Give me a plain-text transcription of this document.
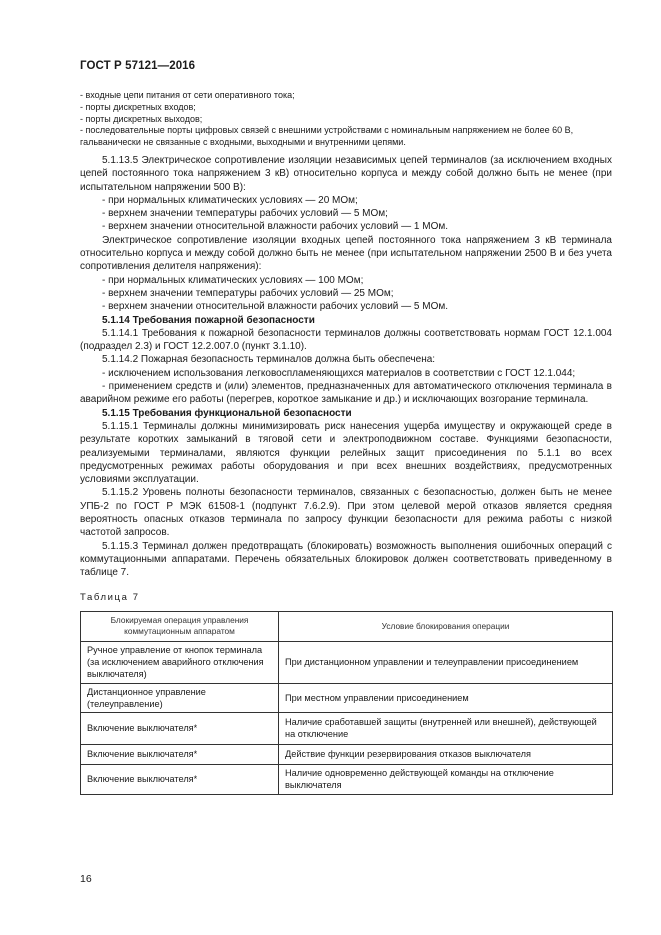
ГОСТ Р 57121—2016

- входные цепи питания от сети оперативного тока;

- порты дискретных входов;

- порты дискретных выходов;

- последовательные порты цифровых связей с внешними устройствами с номинальным напряжением не более 60 В, гальванически не связанные с входными, выходными и внутренними цепями.

5.1.13.5 Электрическое сопротивление изоляции независимых цепей терминалов (за исключением входных цепей постоянного тока напряжением 3 кВ) относительно корпуса и между собой должно быть не менее (при испытательном напряжении 500 В):

- при нормальных климатических условиях — 20 МОм;

- верхнем значении температуры рабочих условий — 5 МОм;

- верхнем значении относительной влажности рабочих условий — 1 МОм.

Электрическое сопротивление изоляции входных цепей постоянного тока напряжением 3 кВ терминала относительно корпуса и между собой должно быть не менее (при испытательном напряжении 2500 В и без учета сопротивления делителя напряжения):

- при нормальных климатических условиях — 100 МОм;

- верхнем значении температуры рабочих условий — 25 МОм;

- верхнем значении относительной влажности рабочих условий — 5 МОм.

5.1.14 Требования пожарной безопасности

5.1.14.1 Требования к пожарной безопасности терминалов должны соответствовать нормам ГОСТ 12.1.004 (подраздел 2.3) и ГОСТ 12.2.007.0 (пункт 3.1.10).

5.1.14.2 Пожарная безопасность терминалов должна быть обеспечена:

- исключением использования легковоспламеняющихся материалов в соответствии с ГОСТ 12.1.044;

- применением средств и (или) элементов, предназначенных для автоматического отключения терминала в аварийном режиме его работы (перегрев, короткое замыкание и др.) и исключающих возгорание терминала.

5.1.15 Требования функциональной безопасности

5.1.15.1 Терминалы должны минимизировать риск нанесения ущерба имуществу и окружающей среде в результате коротких замыканий в тяговой сети и электроподвижном составе. Функциями безопасности, реализуемыми терминалами, являются функции релейных защит присоединения по 5.1.1 во всех предусмотренных режимах работы оборудования и при всех внешних воздействиях, предусмотренных условиями эксплуатации.

5.1.15.2 Уровень полноты безопасности терминалов, связанных с безопасностью, должен быть не менее УПБ-2 по ГОСТ Р МЭК 61508-1 (подпункт 7.6.2.9). При этом целевой мерой отказов является средняя вероятность опасных отказов терминала по запросу функции безопасности для режима работы с низкой частотой запросов.

5.1.15.3 Терминал должен предотвращать (блокировать) возможность выполнения ошибочных операций с коммутационными аппаратами. Перечень обязательных блокировок должен соответствовать приведенному в таблице 7.

Таблица 7

Блокируемая операция управления коммутационным аппаратом	Условие блокирования операции
Ручное управление от кнопок терминала (за исключением аварийного отключения выключателя)	При дистанционном управлении и телеуправлении присоединением
Дистанционное управление (телеуправление)	При местном управлении присоединением
Включение выключателя*	Наличие сработавшей защиты (внутренней или внешней), действующей на отключение
Включение выключателя*	Действие функции резервирования отказов выключателя
Включение выключателя*	Наличие одновременно действующей команды на отключение выключателя
16
